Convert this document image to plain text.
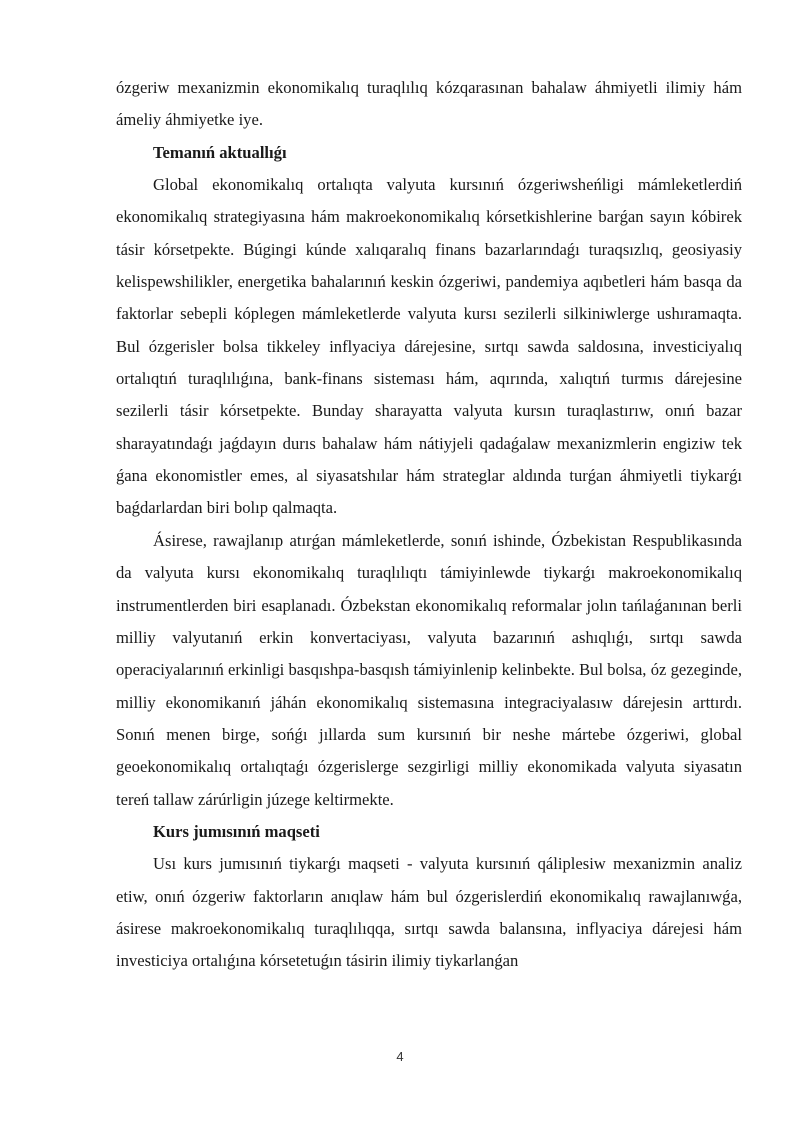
ózgeriw mexanizmin ekonomikalıq turaqlılıq kózqarasınan bahalaw áhmiyetli ilimiy hám ámeliy áhmiyetke iye.

Temanıń aktuallıǵı

Global ekonomikalıq ortalıqta valyuta kursınıń ózgeriwsheńligi mámleketlerdiń ekonomikalıq strategiyasına hám makroekonomikalıq kórsetkishlerine barǵan sayın kóbirek tásir kórsetpekte. Búgingi kúnde xalıqaralıq finans bazarlarındaǵı turaqsızlıq, geosiyasiy kelispewshilikler, energetika bahalarınıń keskin ózgeriwi, pandemiya aqıbetleri hám basqa da faktorlar sebepli kóplegen mámleketlerde valyuta kursı sezilerli silkiniwlerge ushıramaqta. Bul ózgerisler bolsa tikkeley inflyaciya dárejesine, sırtqı sawda saldosına, investiciyalıq ortalıqtıń turaqlılıǵına, bank-finans sisteması hám, aqırında, xalıqtıń turmıs dárejesine sezilerli tásir kórsetpekte. Bunday sharayatta valyuta kursın turaqlastırıw, onıń bazar sharayatındaǵı jaǵdayın durıs bahalaw hám nátiyjeli qadaǵalaw mexanizmlerin engiziw tek ǵana ekonomistler emes, al siyasatshılar hám strateglar aldında turǵan áhmiyetli tiykarǵı baǵdarlardan biri bolıp qalmaqta.

Ásirese, rawajlanıp atırǵan mámleketlerde, sonıń ishinde, Ózbekistan Respublikasında da valyuta kursı ekonomikalıq turaqlılıqtı támiyinlewde tiykarǵı makroekonomikalıq instrumentlerden biri esaplanadı. Ózbekstan ekonomikalıq reformalar jolın tańlaǵanınan berli milliy valyutanıń erkin konvertaciyası, valyuta bazarınıń ashıqlıǵı, sırtqı sawda operaciyalarınıń erkinligi basqıshpa-basqısh támiyinlenip kelinbekte. Bul bolsa, óz gezeginde, milliy ekonomikanıń jáhán ekonomikalıq sistemasına integraciyalasıw dárejesin arttırdı. Sonıń menen birge, sońǵı jıllarda sum kursınıń bir neshe mártebe ózgeriwi, global geoekonomikalıq ortalıqtaǵı ózgerislerge sezgirligi milliy ekonomikada valyuta siyasatın tereń tallaw zárúrligin júzege keltirmekte.

Kurs jumısınıń maqseti

Usı kurs jumısınıń tiykarǵı maqseti - valyuta kursınıń qáliplesiw mexanizmin analiz etiw, onıń ózgeriw faktorların anıqlaw hám bul ózgerislerdiń ekonomikalıq rawajlanıwǵa, ásirese makroekonomikalıq turaqlılıqqa, sırtqı sawda balansına, inflyaciya dárejesi hám investiciya ortalıǵına kórsetetuǵın tásirin ilimiy tiykarlanǵan

4
